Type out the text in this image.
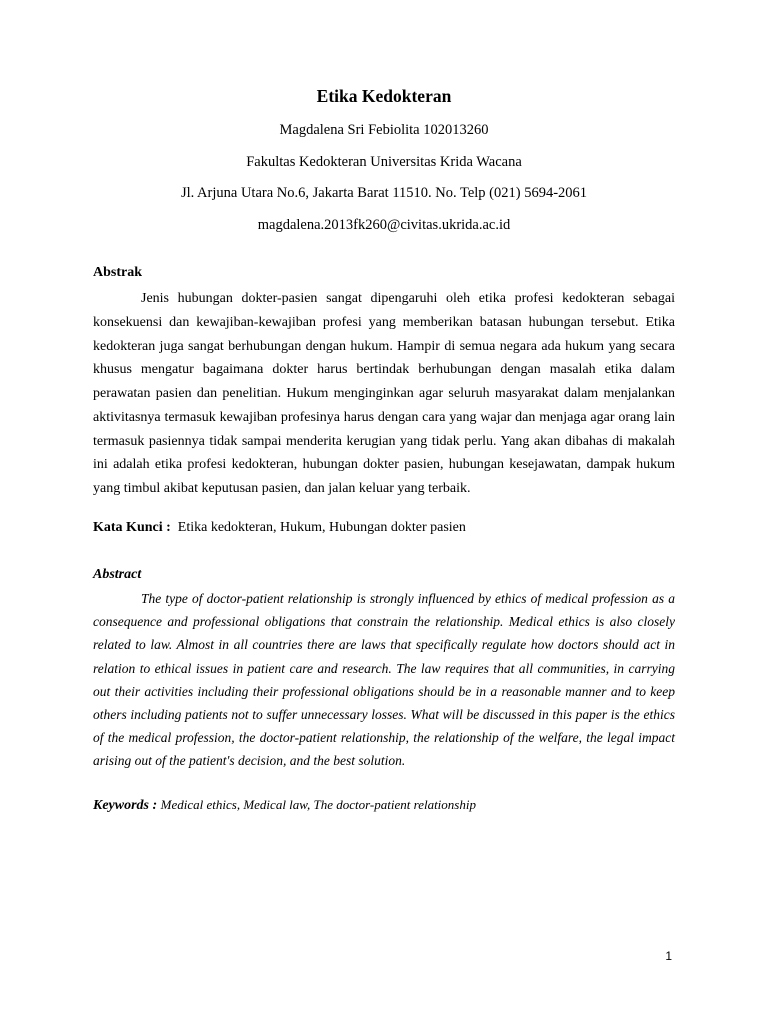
Etika Kedokteran
Magdalena Sri Febiolita 102013260
Fakultas Kedokteran Universitas Krida Wacana
Jl. Arjuna Utara No.6, Jakarta Barat 11510. No. Telp (021) 5694-2061
magdalena.2013fk260@civitas.ukrida.ac.id
Abstrak
Jenis hubungan dokter-pasien sangat dipengaruhi oleh etika profesi kedokteran sebagai konsekuensi dan kewajiban-kewajiban profesi yang memberikan batasan hubungan tersebut. Etika kedokteran juga sangat berhubungan dengan hukum. Hampir di semua negara ada hukum yang secara khusus mengatur bagaimana dokter harus bertindak berhubungan dengan masalah etika dalam perawatan pasien dan penelitian. Hukum menginginkan agar seluruh masyarakat dalam menjalankan aktivitasnya termasuk kewajiban profesinya harus dengan cara yang wajar dan menjaga agar orang lain termasuk pasiennya tidak sampai menderita kerugian yang tidak perlu. Yang akan dibahas di makalah ini adalah etika profesi kedokteran, hubungan dokter pasien, hubungan kesejawatan, dampak hukum yang timbul akibat keputusan pasien, dan jalan keluar yang terbaik.
Kata Kunci : Etika kedokteran, Hukum, Hubungan dokter pasien
Abstract
The type of doctor-patient relationship is strongly influenced by ethics of medical profession as a consequence and professional obligations that constrain the relationship. Medical ethics is also closely related to law. Almost in all countries there are laws that specifically regulate how doctors should act in relation to ethical issues in patient care and research. The law requires that all communities, in carrying out their activities including their professional obligations should be in a reasonable manner and to keep others including patients not to suffer unnecessary losses. What will be discussed in this paper is the ethics of the medical profession, the doctor-patient relationship, the relationship of the welfare, the legal impact arising out of the patient's decision, and the best solution.
Keywords : Medical ethics, Medical law, The doctor-patient relationship
1
